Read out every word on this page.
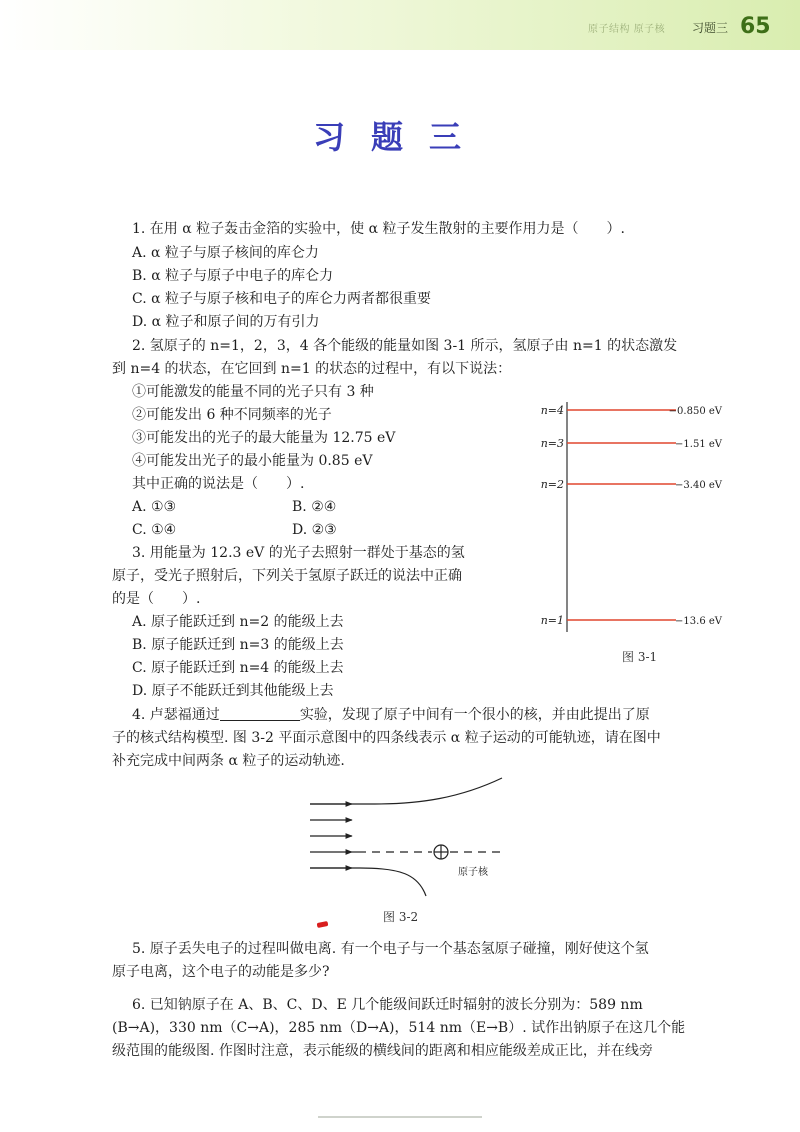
原子结构 原子核 习题三 65
习题三
1. 在用 α 粒子轰击金箔的实验中，使 α 粒子发生散射的主要作用力是（　　）.
A. α 粒子与原子核间的库仑力
B. α 粒子与原子中电子的库仑力
C. α 粒子与原子核和电子的库仑力两者都很重要
D. α 粒子和原子间的万有引力
2. 氢原子的 n=1，2，3，4 各个能级的能量如图 3-1 所示，氢原子由 n=1 的状态激发
到 n=4 的状态，在它回到 n=1 的状态的过程中，有以下说法：
①可能激发的能量不同的光子只有 3 种
②可能发出 6 种不同频率的光子
③可能发出的光子的最大能量为 12.75 eV
④可能发出光子的最小能量为 0.85 eV
其中正确的说法是（　　）.
A. ①③	B. ②④
C. ①④	D. ②③
3. 用能量为 12.3 eV 的光子去照射一群处于基态的氢
原子，受光子照射后，下列关于氢原子跃迁的说法中正确
的是（　　）.
A. 原子能跃迁到 n=2 的能级上去
B. 原子能跃迁到 n=3 的能级上去
C. 原子能跃迁到 n=4 的能级上去
D. 原子不能跃迁到其他能级上去
n=4	−0.850 eV
n=3	−1.51 eV
n=2	−3.40 eV
n=1	−13.6 eV
图 3-1
4. 卢瑟福通过	实验，发现了原子中间有一个很小的核，并由此提出了原
子的核式结构模型. 图 3-2 平面示意图中的四条线表示 α 粒子运动的可能轨迹，请在图中
补充完成中间两条 α 粒子的运动轨迹.
原子核
图 3-2
5. 原子丢失电子的过程叫做电离. 有一个电子与一个基态氢原子碰撞，刚好使这个氢
原子电离，这个电子的动能是多少?
6. 已知钠原子在 A、B、C、D、E 几个能级间跃迁时辐射的波长分别为：589 nm
(B→A)，330 nm（C→A)，285 nm（D→A)，514 nm（E→B）. 试作出钠原子在这几个能
级范围的能级图. 作图时注意，表示能级的横线间的距离和相应能级差成正比，并在线旁
